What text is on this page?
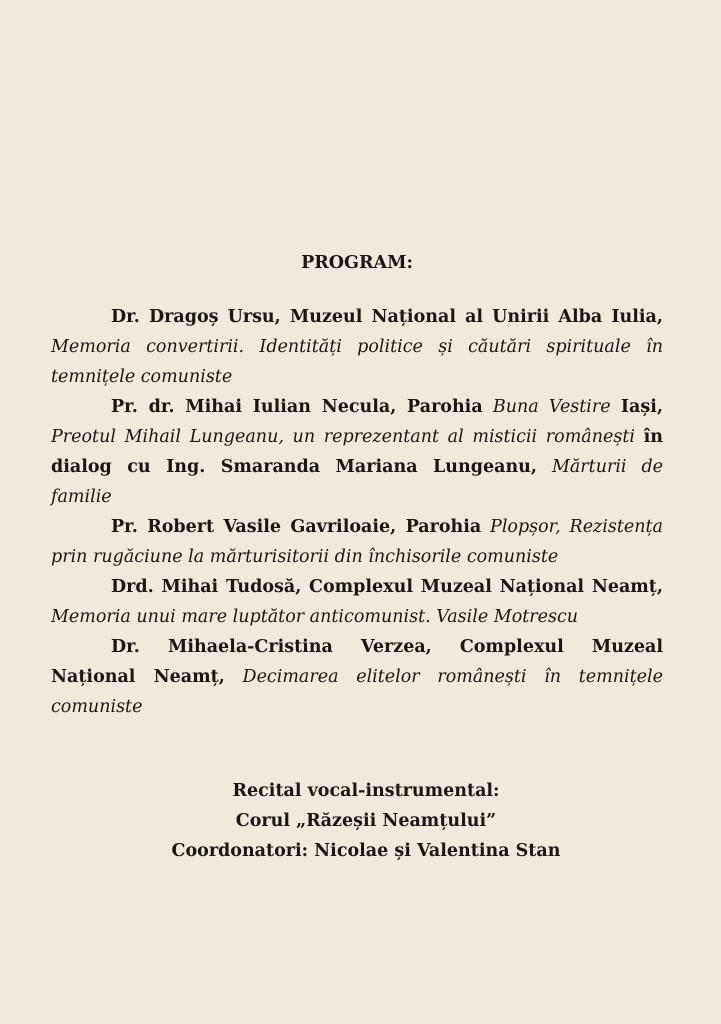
PROGRAM:

Dr. Dragoș Ursu, Muzeul Național al Unirii Alba Iulia, Memoria convertirii. Identități politice și căutări spirituale în temnițele comuniste

Pr. dr. Mihai Iulian Necula, Parohia Buna Vestire Iași, Preotul Mihail Lungeanu, un reprezentant al misticii românești în dialog cu Ing. Smaranda Mariana Lungeanu, Mărturii de familie

Pr. Robert Vasile Gavriloaie, Parohia Plopșor, Rezistența prin rugăciune la mărturisitorii din închisorile comuniste

Drd. Mihai Tudosă, Complexul Muzeal Național Neamț, Memoria unui mare luptător anticomunist. Vasile Motrescu

Dr. Mihaela-Cristina Verzea, Complexul Muzeal Național Neamț, Decimarea elitelor românești în temnițele comuniste

Recital vocal-instrumental:
Corul „Răzeșii Neamțului”
Coordonatori: Nicolae și Valentina Stan
